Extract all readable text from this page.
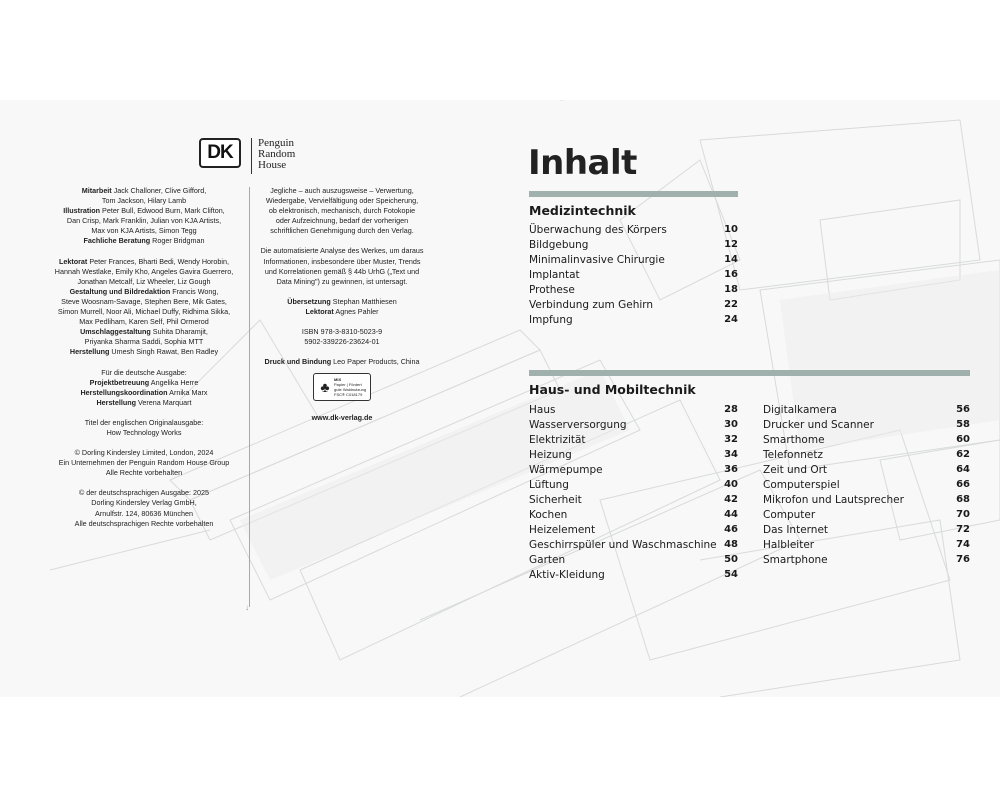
DK	Penguin
Random
House

Mitarbeit Jack Challoner, Clive Gifford,

Tom Jackson, Hilary Lamb

Illustration Peter Bull, Edwood Burn, Mark Clifton,

Dan Crisp, Mark Franklin, Julian von KJA Artists,

Max von KJA Artists, Simon Tegg

Fachliche Beratung Roger Bridgman

Lektorat Peter Frances, Bharti Bedi, Wendy Horobin,

Hannah Westlake, Emily Kho, Angeles Gavira Guerrero,

Jonathan Metcalf, Liz Wheeler, Liz Gough

Gestaltung und Bildredaktion Francis Wong,

Steve Woosnam-Savage, Stephen Bere, Mik Gates,

Simon Murrell, Noor Ali, Michael Duffy, Ridhima Sikka,

Max Pedliham, Karen Self, Phil Ormerod

Umschlaggestaltung Suhita Dharamjit,

Priyanka Sharma Saddi, Sophia MTT

Herstellung Umesh Singh Rawat, Ben Radley

Für die deutsche Ausgabe:

Projektbetreuung Angelika Herre

Herstellungskoordination Arnika Marx

Herstellung Verena Marquart

Titel der englischen Originalausgabe:

How Technology Works

© Dorling Kindersley Limited, London, 2024

Ein Unternehmen der Penguin Random House Group

Alle Rechte vorbehalten

© der deutschsprachigen Ausgabe: 2025

Dorling Kindersley Verlag GmbH,

Arnulfstr. 124, 80636 München

Alle deutschsprachigen Rechte vorbehalten

↓

Jegliche – auch auszugsweise – Verwertung,

Wiedergabe, Vervielfältigung oder Speicherung,

ob elektronisch, mechanisch, durch Fotokopie

oder Aufzeichnung, bedarf der vorherigen

schriftlichen Genehmigung durch den Verlag.

Die automatisierte Analyse des Werkes, um daraus

Informationen, insbesondere über Muster, Trends

und Korrelationen gemäß § 44b UrhG („Text und

Data Mining") zu gewinnen, ist untersagt.

Übersetzung Stephan Matthiesen

Lektorat Agnes Pahler

ISBN 978-3-8310-5023-9

5902-339226-23624-01

Druck und Bindung Leo Paper Products, China

♣	MIX
Papier | Fördert
gute Waldnutzung
FSC® C018179
www.dk-verlag.de
Inhalt
Medizintechnik
Überwachung des Körpers	10
Bildgebung	12
Minimalinvasive Chirurgie	14
Implantat	16
Prothese	18
Verbindung zum Gehirn	22
Impfung	24
Haus- und Mobiltechnik
Haus	28
Wasserversorgung	30
Elektrizität	32
Heizung	34
Wärmepumpe	36
Lüftung	40
Sicherheit	42
Kochen	44
Heizelement	46
Geschirrspüler und Waschmaschine 48
Garten	50
Aktiv-Kleidung	54
Digitalkamera	56
Drucker und Scanner	58
Smarthome	60
Telefonnetz	62
Zeit und Ort	64
Computerspiel	66
Mikrofon und Lautsprecher	68
Computer	70
Das Internet	72
Halbleiter	74
Smartphone	76
